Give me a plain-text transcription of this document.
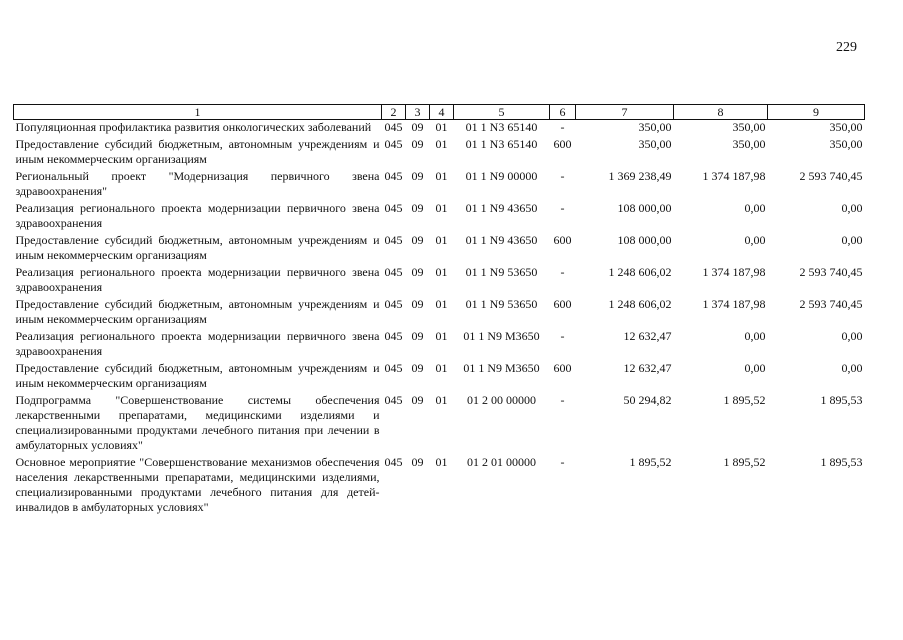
229
1	2	3	4	5	6	7	8	9
Популяционная профилактика развития онкологических заболеваний	045	09	01	01 1 N3 65140	-	350,00	350,00	350,00
Предоставление субсидий бюджетным, автономным учреждениям и иным некоммерческим организациям	045	09	01	01 1 N3 65140	600	350,00	350,00	350,00
Региональный проект "Модернизация первичного звена здравоохранения"	045	09	01	01 1 N9 00000	-	1 369 238,49	1 374 187,98	2 593 740,45
Реализация регионального проекта модернизации первичного звена здравоохранения	045	09	01	01 1 N9 43650	-	108 000,00	0,00	0,00
Предоставление субсидий бюджетным, автономным учреждениям и иным некоммерческим организациям	045	09	01	01 1 N9 43650	600	108 000,00	0,00	0,00
Реализация регионального проекта модернизации первичного звена здравоохранения	045	09	01	01 1 N9 53650	-	1 248 606,02	1 374 187,98	2 593 740,45
Предоставление субсидий бюджетным, автономным учреждениям и иным некоммерческим организациям	045	09	01	01 1 N9 53650	600	1 248 606,02	1 374 187,98	2 593 740,45
Реализация регионального проекта модернизации первичного звена здравоохранения	045	09	01	01 1 N9 M3650	-	12 632,47	0,00	0,00
Предоставление субсидий бюджетным, автономным учреждениям и иным некоммерческим организациям	045	09	01	01 1 N9 M3650	600	12 632,47	0,00	0,00
Подпрограмма "Совершенствование системы обеспечения лекарственными препаратами, медицинскими изделиями и специализированными продуктами лечебного питания при лечении в амбулаторных условиях"	045	09	01	01 2 00 00000	-	50 294,82	1 895,52	1 895,53
Основное мероприятие "Совершенствование механизмов обеспечения населения лекарственными препаратами, медицинскими изделиями, специализированными продуктами лечебного питания для детей-инвалидов в амбулаторных условиях"	045	09	01	01 2 01 00000	-	1 895,52	1 895,52	1 895,53
